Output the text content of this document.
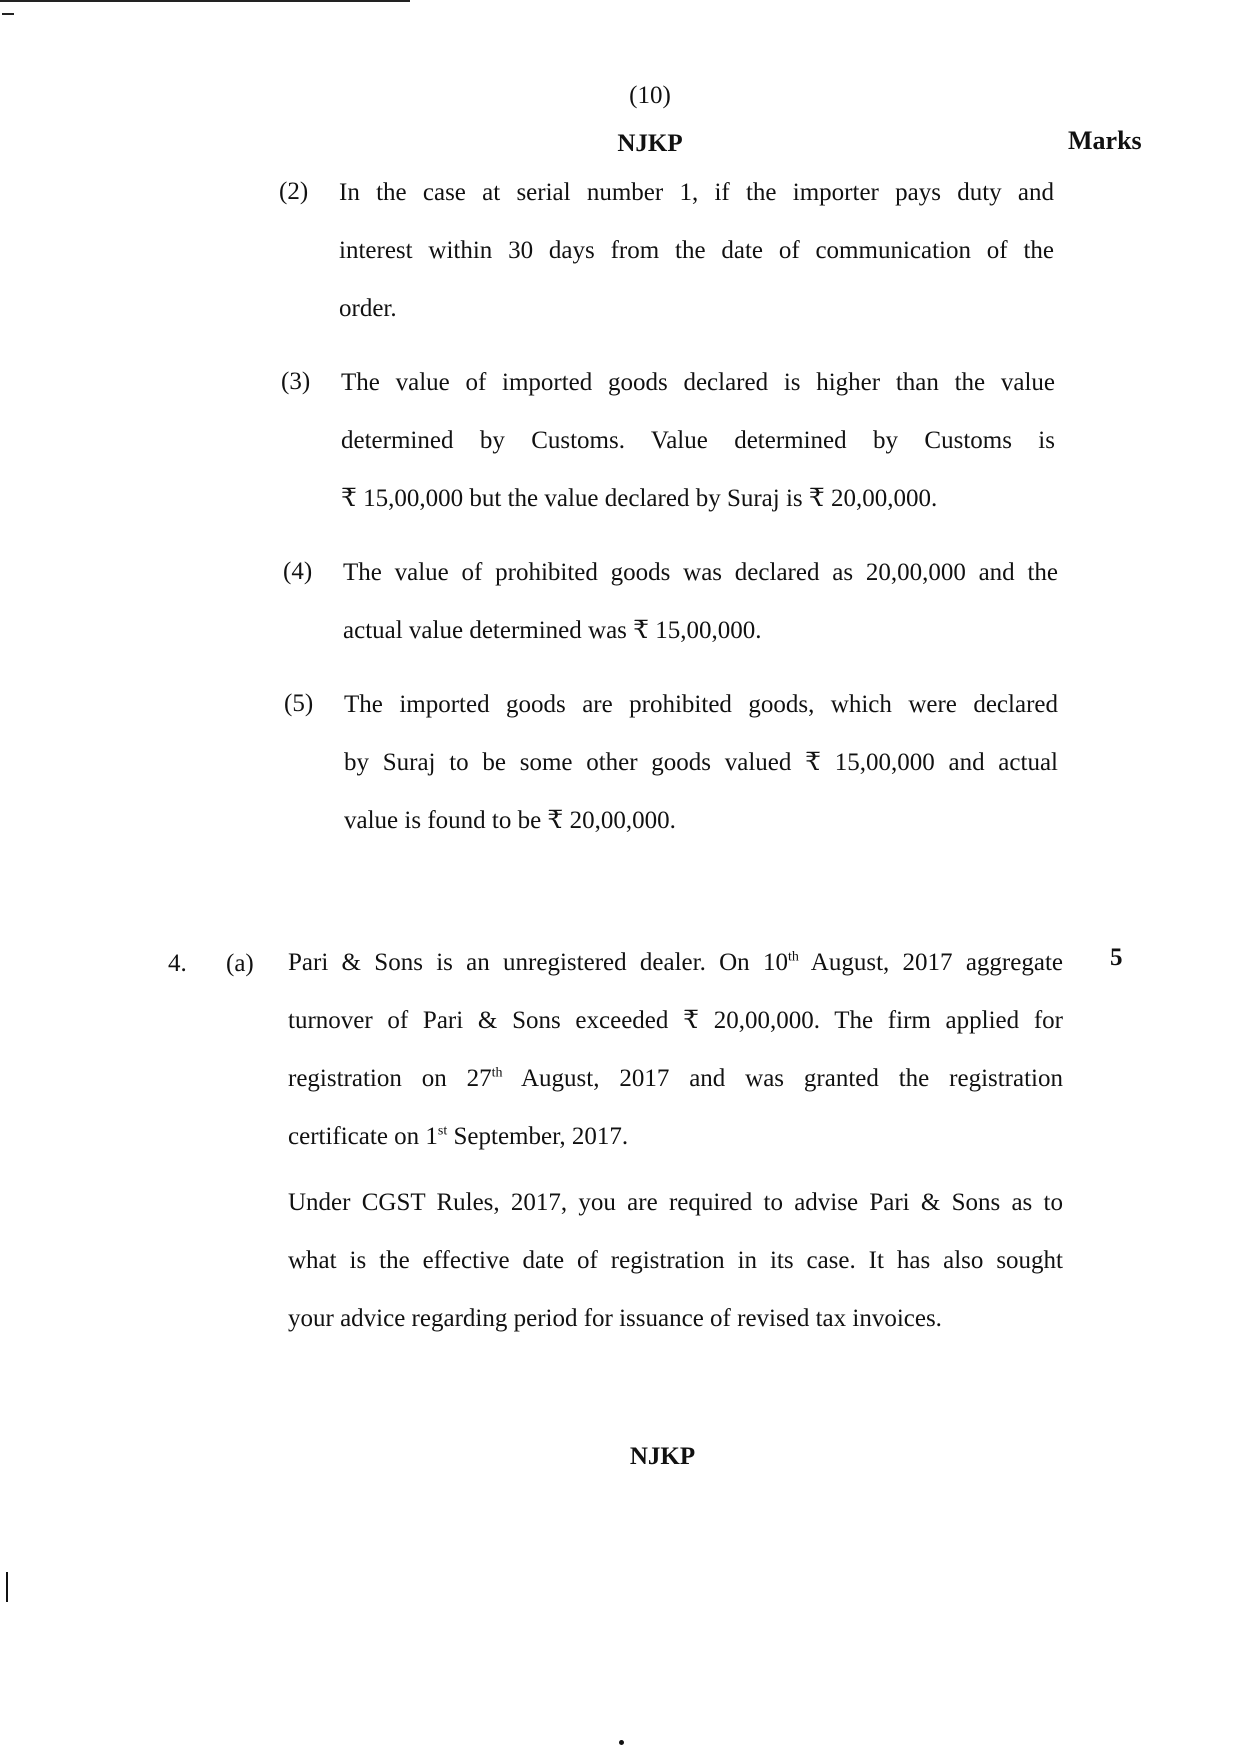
(10)
NJKP	Marks
(2) In the case at serial number 1, if the importer pays duty and
interest within 30 days from the date of communication of the
order.
(3) The value of imported goods declared is higher than the value
determined by Customs. Value determined by Customs is
₹ 15,00,000 but the value declared by Suraj is ₹ 20,00,000.
(4) The value of prohibited goods was declared as 20,00,000 and the
actual value determined was ₹ 15,00,000.
(5) The imported goods are prohibited goods, which were declared
by Suraj to be some other goods valued ₹ 15,00,000 and actual
value is found to be ₹ 20,00,000.
4. (a)	5
Pari & Sons is an unregistered dealer. On 10th August, 2017 aggregate
turnover of Pari & Sons exceeded ₹ 20,00,000. The firm applied for
registration on 27th August, 2017 and was granted the registration
certificate on 1st September, 2017.
Under CGST Rules, 2017, you are required to advise Pari & Sons as to
what is the effective date of registration in its case. It has also sought
your advice regarding period for issuance of revised tax invoices.
NJKP
